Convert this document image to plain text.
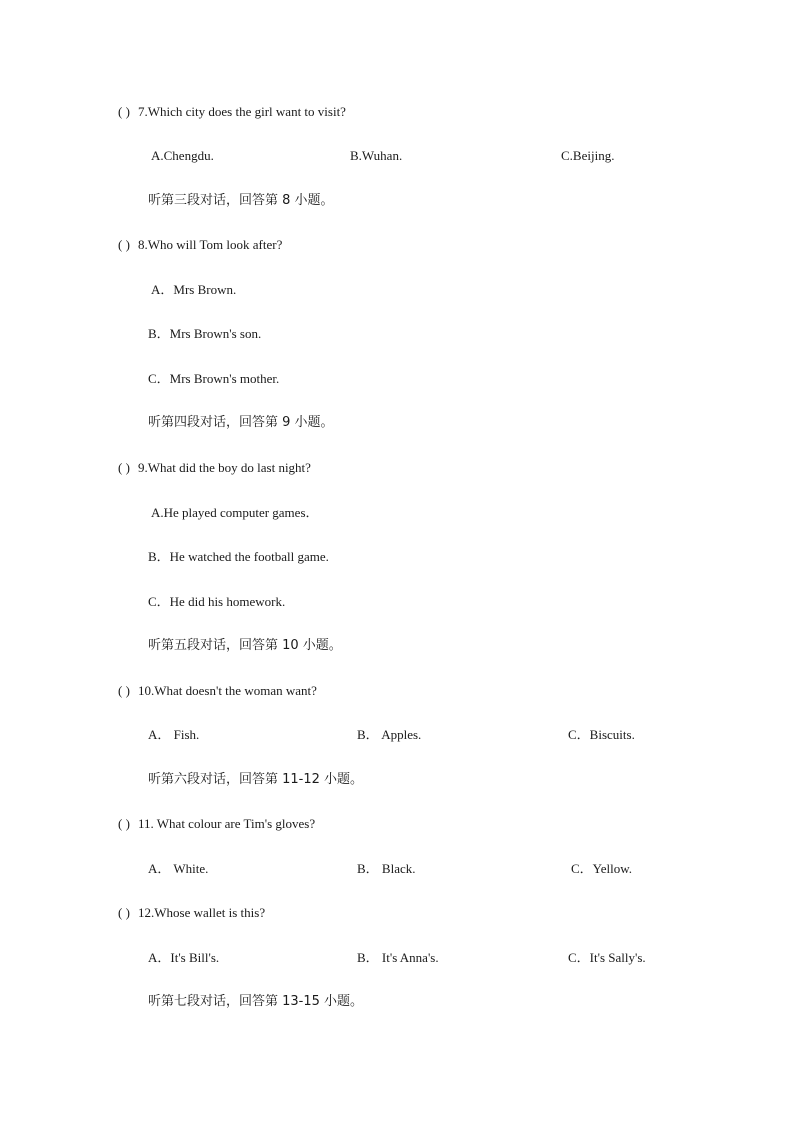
( ) 7.Which city does the girl want to visit?
A.Chengdu.	B.Wuhan.	C.Beijing.
听第三段对话，回答第 8 小题。
( ) 8.Who will Tom look after?
A．Mrs Brown.
B．Mrs Brown's son.
C．Mrs Brown's mother.
听第四段对话，回答第 9 小题。
( ) 9.What did the boy do last night?
A.He played computer games．
B．He watched the football game.
C．He did his homework.
听第五段对话，回答第 10 小题。
( ) 10.What doesn't the woman want?
A． Fish.	B． Apples.	C．Biscuits.
听第六段对话，回答第 11-12 小题。
( ) 11. What colour are Tim's gloves?
A． White.	B． Black.	C．Yellow.
( ) 12.Whose wallet is this?
A．It's Bill's.	B． It's Anna's.	C．It's Sally's.
听第七段对话，回答第 13-15 小题。
